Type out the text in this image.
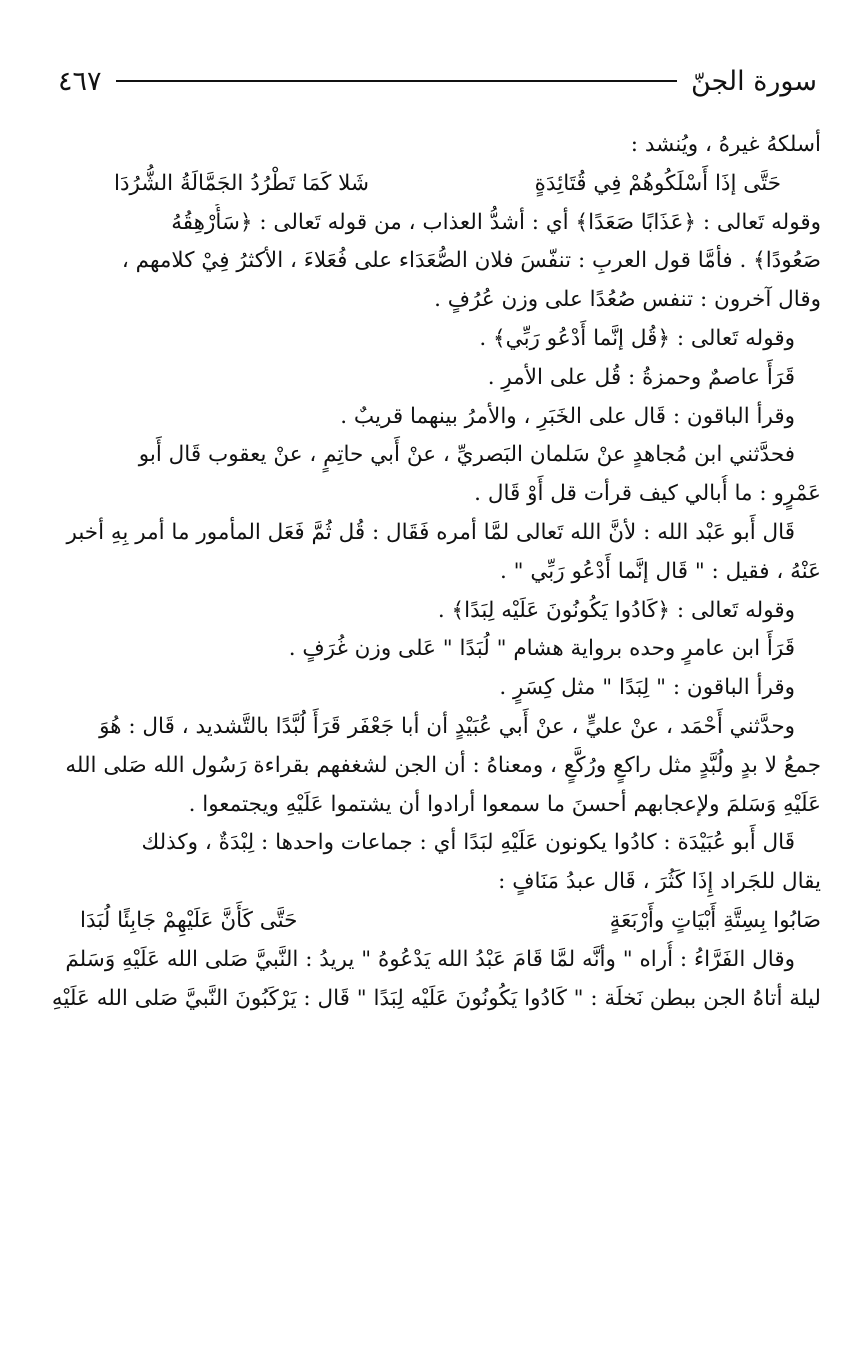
سورة الجنّ
٤٦٧
أسلكهُ غيرهُ ، ويُنشد :
حَتَّى إذَا أَسْلَكُوهُمْ فِي قُتَائِدَةٍ
شَلا كَمَا تَطْرُدُ الجَمَّالَةُ الشُّرُدَا
وقوله تَعالى : ﴿عَذَابًا صَعَدًا﴾ أي : أشدُّ العذاب ، من قوله تَعالى : ﴿سَأُرْهِقُهُ
صَعُودًا﴾ . فأمَّا قول العربِ : تنفّسَ فلان الصُّعَدَاء على فُعَلاءَ ، الأكثرُ فِيْ كلامهم ،
وقال آخرون : تنفس صُعُدًا على وزن عُرُفٍ .
وقوله تَعالى : ﴿قُل إنَّما أَدْعُو رَبِّي﴾ .
قَرَأَ عاصمٌ وحمزةُ : قُل على الأمرِ .
وقرأ الباقون : قَال على الخَبَرِ ، والأمرُ بينهما قريبٌ .
فحدَّثني ابن مُجاهدٍ عنْ سَلمان البَصريِّ ، عنْ أَبي حاتِمٍ ، عنْ يعقوب قَال أَبو
عَمْرٍو : ما أُبالي كيف قرأت قل أَوْ قَال .
قَال أَبو عَبْد الله : لأنَّ الله تَعالى لمَّا أمره فَقَال : قُل ثُمَّ فَعَل المأمور ما أمر بِهِ أخبر
عَنْهُ ، فقيل : " قَال إنَّما أَدْعُو رَبِّي " .
وقوله تَعالى : ﴿كَادُوا يَكُونُونَ عَلَيْه لِبَدًا﴾ .
قَرَأَ ابن عامرٍ وحده برواية هشام " لُبَدًا " عَلى وزن غُرَفٍ .
وقرأ الباقون : " لِبَدًا " مثل كِسَرٍ .
وحدَّثني أَحْمَد ، عنْ عليٍّ ، عنْ أَبي عُبَيْدٍ أن أبا جَعْفَر قَرَأَ لُبَّدًا بالتَّشديد ، قَال : هُوَ
جمعُ لا بدٍ ولُبَّدٍ مثل راكعٍ ورُكَّعٍ ، ومعناهُ : أن الجن لشغفهم بقراءة رَسُول الله صَلى الله
عَلَيْهِ وَسَلمَ ولإعجابهم أحسنَ ما سمعوا أرادوا أن يشتموا عَلَيْهِ ويجتمعوا .
قَال أَبو عُبَيْدَة : كادُوا يكونون عَلَيْهِ لبَدًا أي : جماعات واحدها : لِبْدَةٌ ، وكذلك
يقال للجَراد إِذَا كَثُرَ ، قَال عبدُ مَنَافٍ :
صَابُوا بِسِتَّةِ أَبْيَاتٍ وأَرْبَعَةٍ
حَتَّى كَأَنَّ عَلَيْهِمْ جَابِئًا لُبَدَا
وقال الفَرَّاءُ : أُراه " وأنَّه لمَّا قَامَ عَبْدُ الله يَدْعُوهُ " يريدُ : النَّبيَّ صَلى الله عَلَيْهِ وَسَلمَ
ليلة أتاهُ الجن ببطن نَخلَة : " كَادُوا يَكُونُونَ عَلَيْه لِبَدًا " قَال : يَرْكَبُونَ النَّبيَّ صَلى الله عَلَيْهِ
